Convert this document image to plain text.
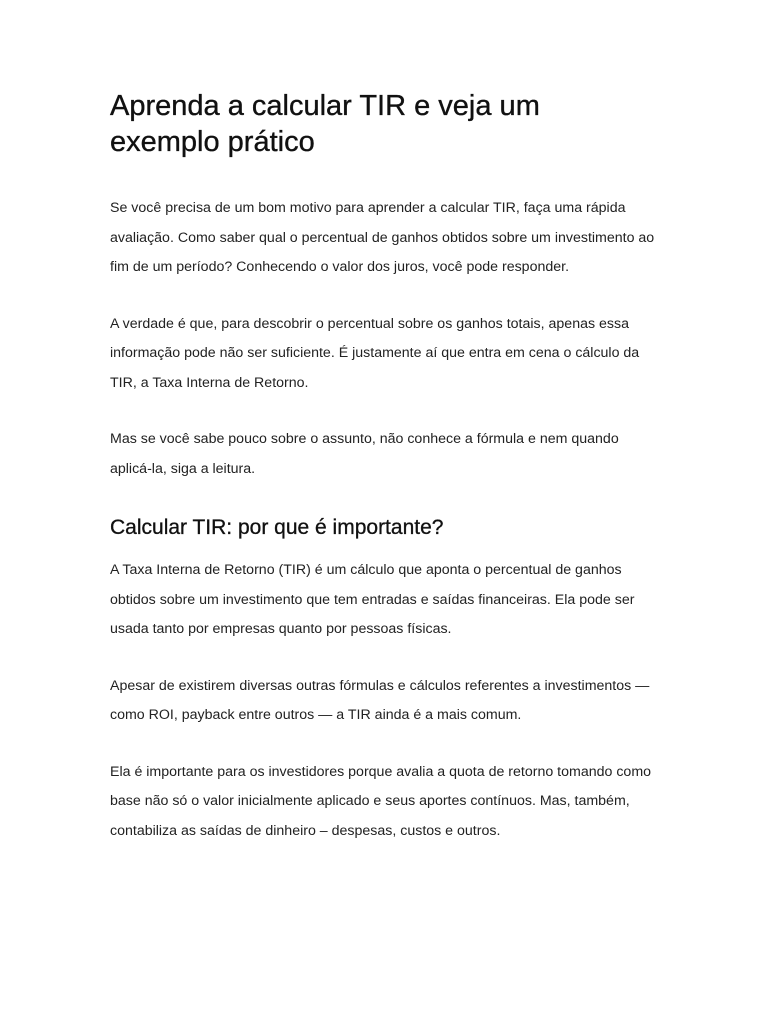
Aprenda a calcular TIR e veja um exemplo prático

Se você precisa de um bom motivo para aprender a calcular TIR, faça uma rápida avaliação. Como saber qual o percentual de ganhos obtidos sobre um investimento ao fim de um período? Conhecendo o valor dos juros, você pode responder.

A verdade é que, para descobrir o percentual sobre os ganhos totais, apenas essa informação pode não ser suficiente. É justamente aí que entra em cena o cálculo da TIR, a Taxa Interna de Retorno.

Mas se você sabe pouco sobre o assunto, não conhece a fórmula e nem quando aplicá-la, siga a leitura.

Calcular TIR: por que é importante?

A Taxa Interna de Retorno (TIR) é um cálculo que aponta o percentual de ganhos obtidos sobre um investimento que tem entradas e saídas financeiras. Ela pode ser usada tanto por empresas quanto por pessoas físicas.

Apesar de existirem diversas outras fórmulas e cálculos referentes a investimentos — como ROI, payback entre outros — a TIR ainda é a mais comum.

Ela é importante para os investidores porque avalia a quota de retorno tomando como base não só o valor inicialmente aplicado e seus aportes contínuos. Mas, também, contabiliza as saídas de dinheiro – despesas, custos e outros.
